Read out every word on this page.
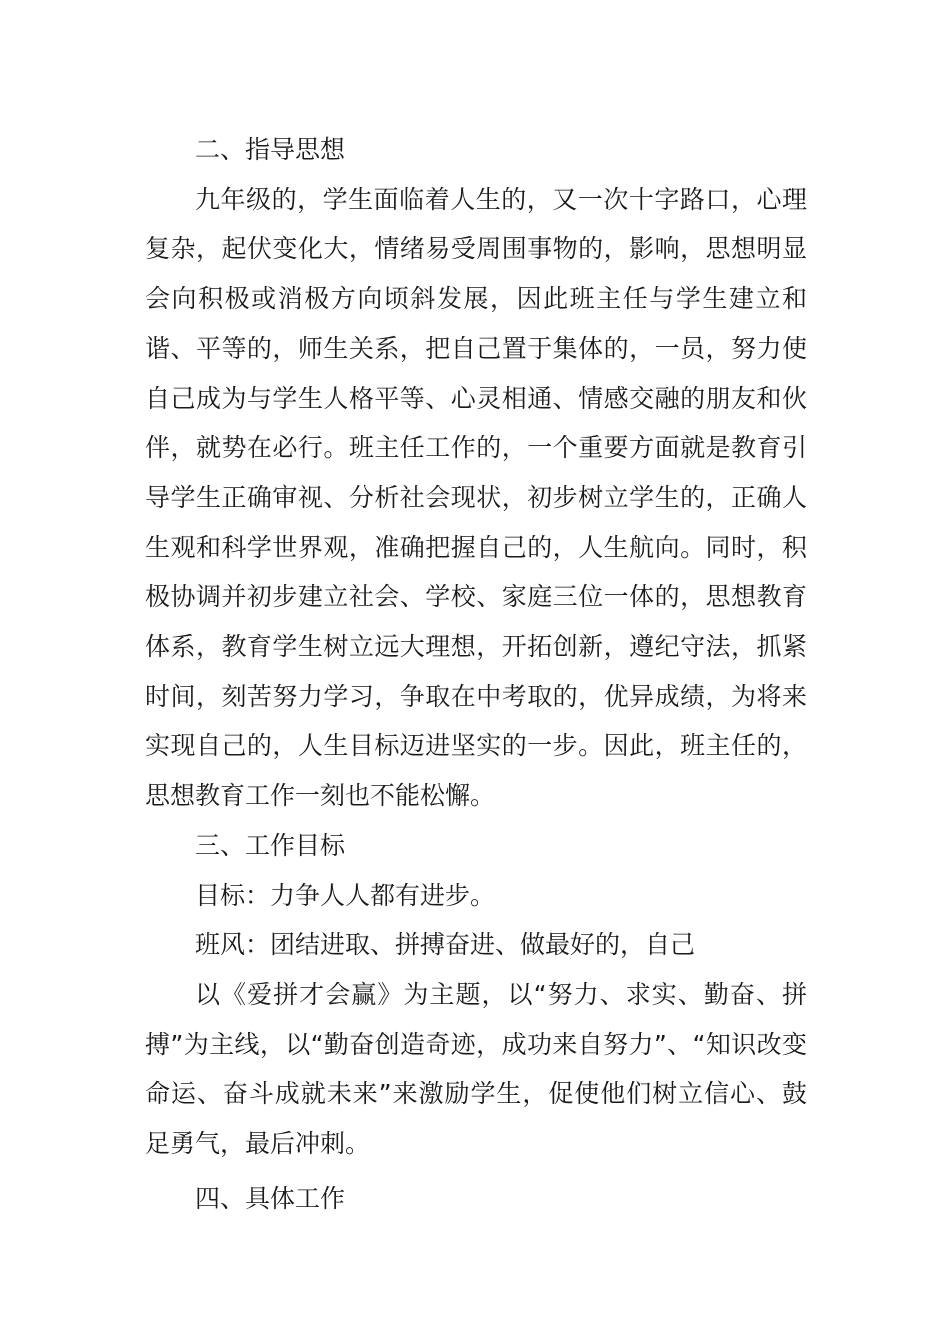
二、指导思想

九年级的，学生面临着人生的，又一次十字路口，心理复杂，起伏变化大，情绪易受周围事物的，影响，思想明显会向积极或消极方向顷斜发展，因此班主任与学生建立和谐、平等的，师生关系，把自己置于集体的，一员，努力使自己成为与学生人格平等、心灵相通、情感交融的朋友和伙伴，就势在必行。班主任工作的，一个重要方面就是教育引导学生正确审视、分析社会现状，初步树立学生的，正确人生观和科学世界观，准确把握自己的，人生航向。同时，积极协调并初步建立社会、学校、家庭三位一体的，思想教育体系，教育学生树立远大理想，开拓创新，遵纪守法，抓紧时间，刻苦努力学习，争取在中考取的，优异成绩，为将来实现自己的，人生目标迈进坚实的一步。因此，班主任的，思想教育工作一刻也不能松懈。

三、工作目标

目标：力争人人都有进步。

班风：团结进取、拼搏奋进、做最好的，自己

以《爱拼才会赢》为主题，以“努力、求实、勤奋、拼搏”为主线，以“勤奋创造奇迹，成功来自努力”、“知识改变命运、奋斗成就未来”来激励学生，促使他们树立信心、鼓足勇气，最后冲刺。

四、具体工作
